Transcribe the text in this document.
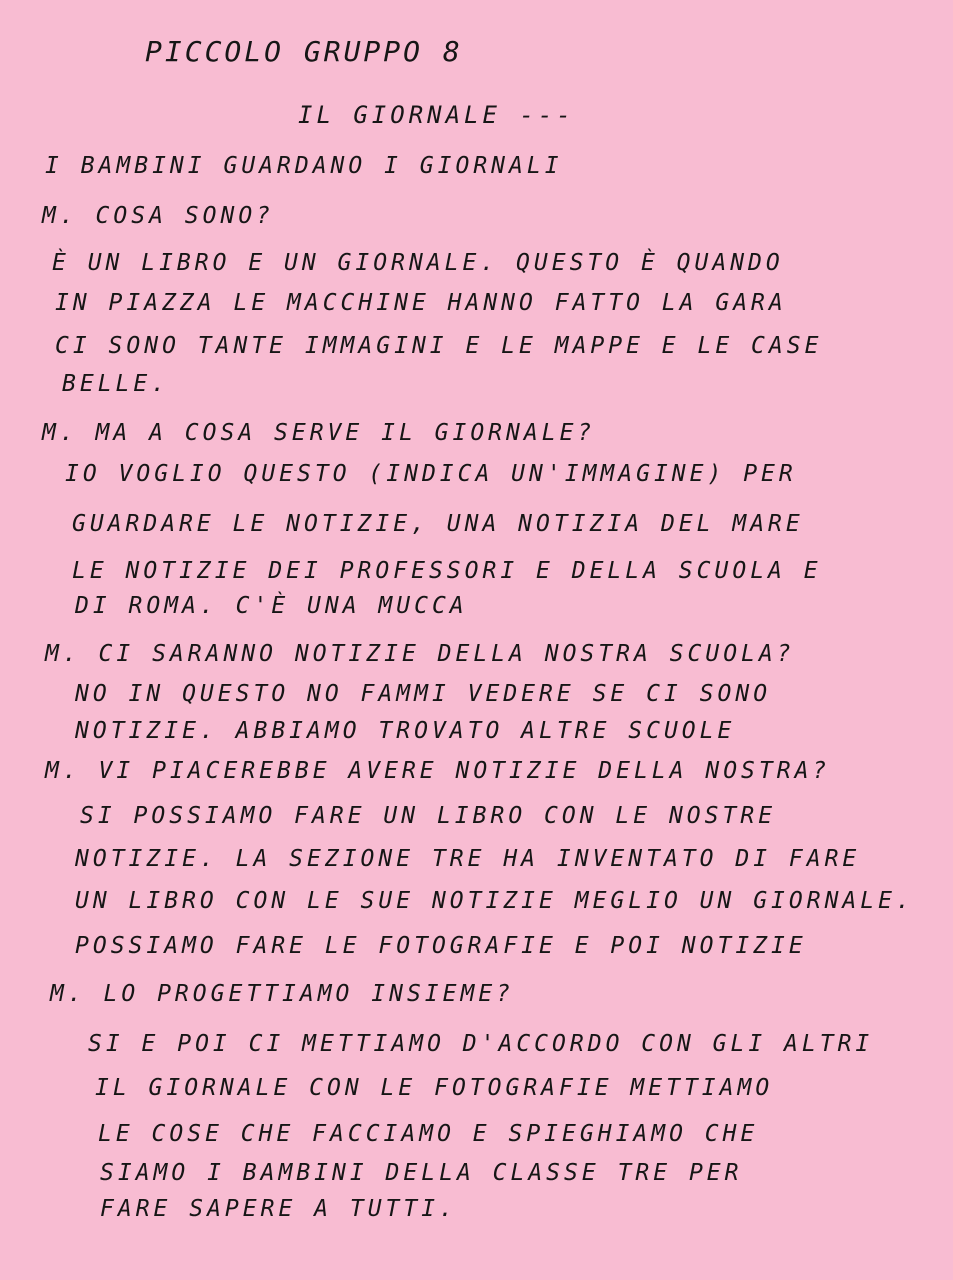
PICCOLO GRUPPO 8
IL GIORNALE ---
I BAMBINI GUARDANO I GIORNALI
M. COSA SONO?
È UN LIBRO E UN GIORNALE. QUESTO È QUANDO
IN PIAZZA LE MACCHINE HANNO FATTO LA GARA
CI SONO TANTE IMMAGINI E LE MAPPE E LE CASE
BELLE.
M. MA A COSA SERVE IL GIORNALE?
IO VOGLIO QUESTO (INDICA UN'IMMAGINE) PER
GUARDARE LE NOTIZIE, UNA NOTIZIA DEL MARE
LE NOTIZIE DEI PROFESSORI E DELLA SCUOLA E
DI ROMA. C'È UNA MUCCA
M. CI SARANNO NOTIZIE DELLA NOSTRA SCUOLA?
NO IN QUESTO NO FAMMI VEDERE SE CI SONO
NOTIZIE. ABBIAMO TROVATO ALTRE SCUOLE
M. VI PIACEREBBE AVERE NOTIZIE DELLA NOSTRA?
SI POSSIAMO FARE UN LIBRO CON LE NOSTRE
NOTIZIE. LA SEZIONE TRE HA INVENTATO DI FARE
UN LIBRO CON LE SUE NOTIZIE MEGLIO UN GIORNALE.
POSSIAMO FARE LE FOTOGRAFIE E POI NOTIZIE
M. LO PROGETTIAMO INSIEME?
SI E POI CI METTIAMO D'ACCORDO CON GLI ALTRI
IL GIORNALE CON LE FOTOGRAFIE METTIAMO
LE COSE CHE FACCIAMO E SPIEGHIAMO CHE
SIAMO I BAMBINI DELLA CLASSE TRE PER
FARE SAPERE A TUTTI.
